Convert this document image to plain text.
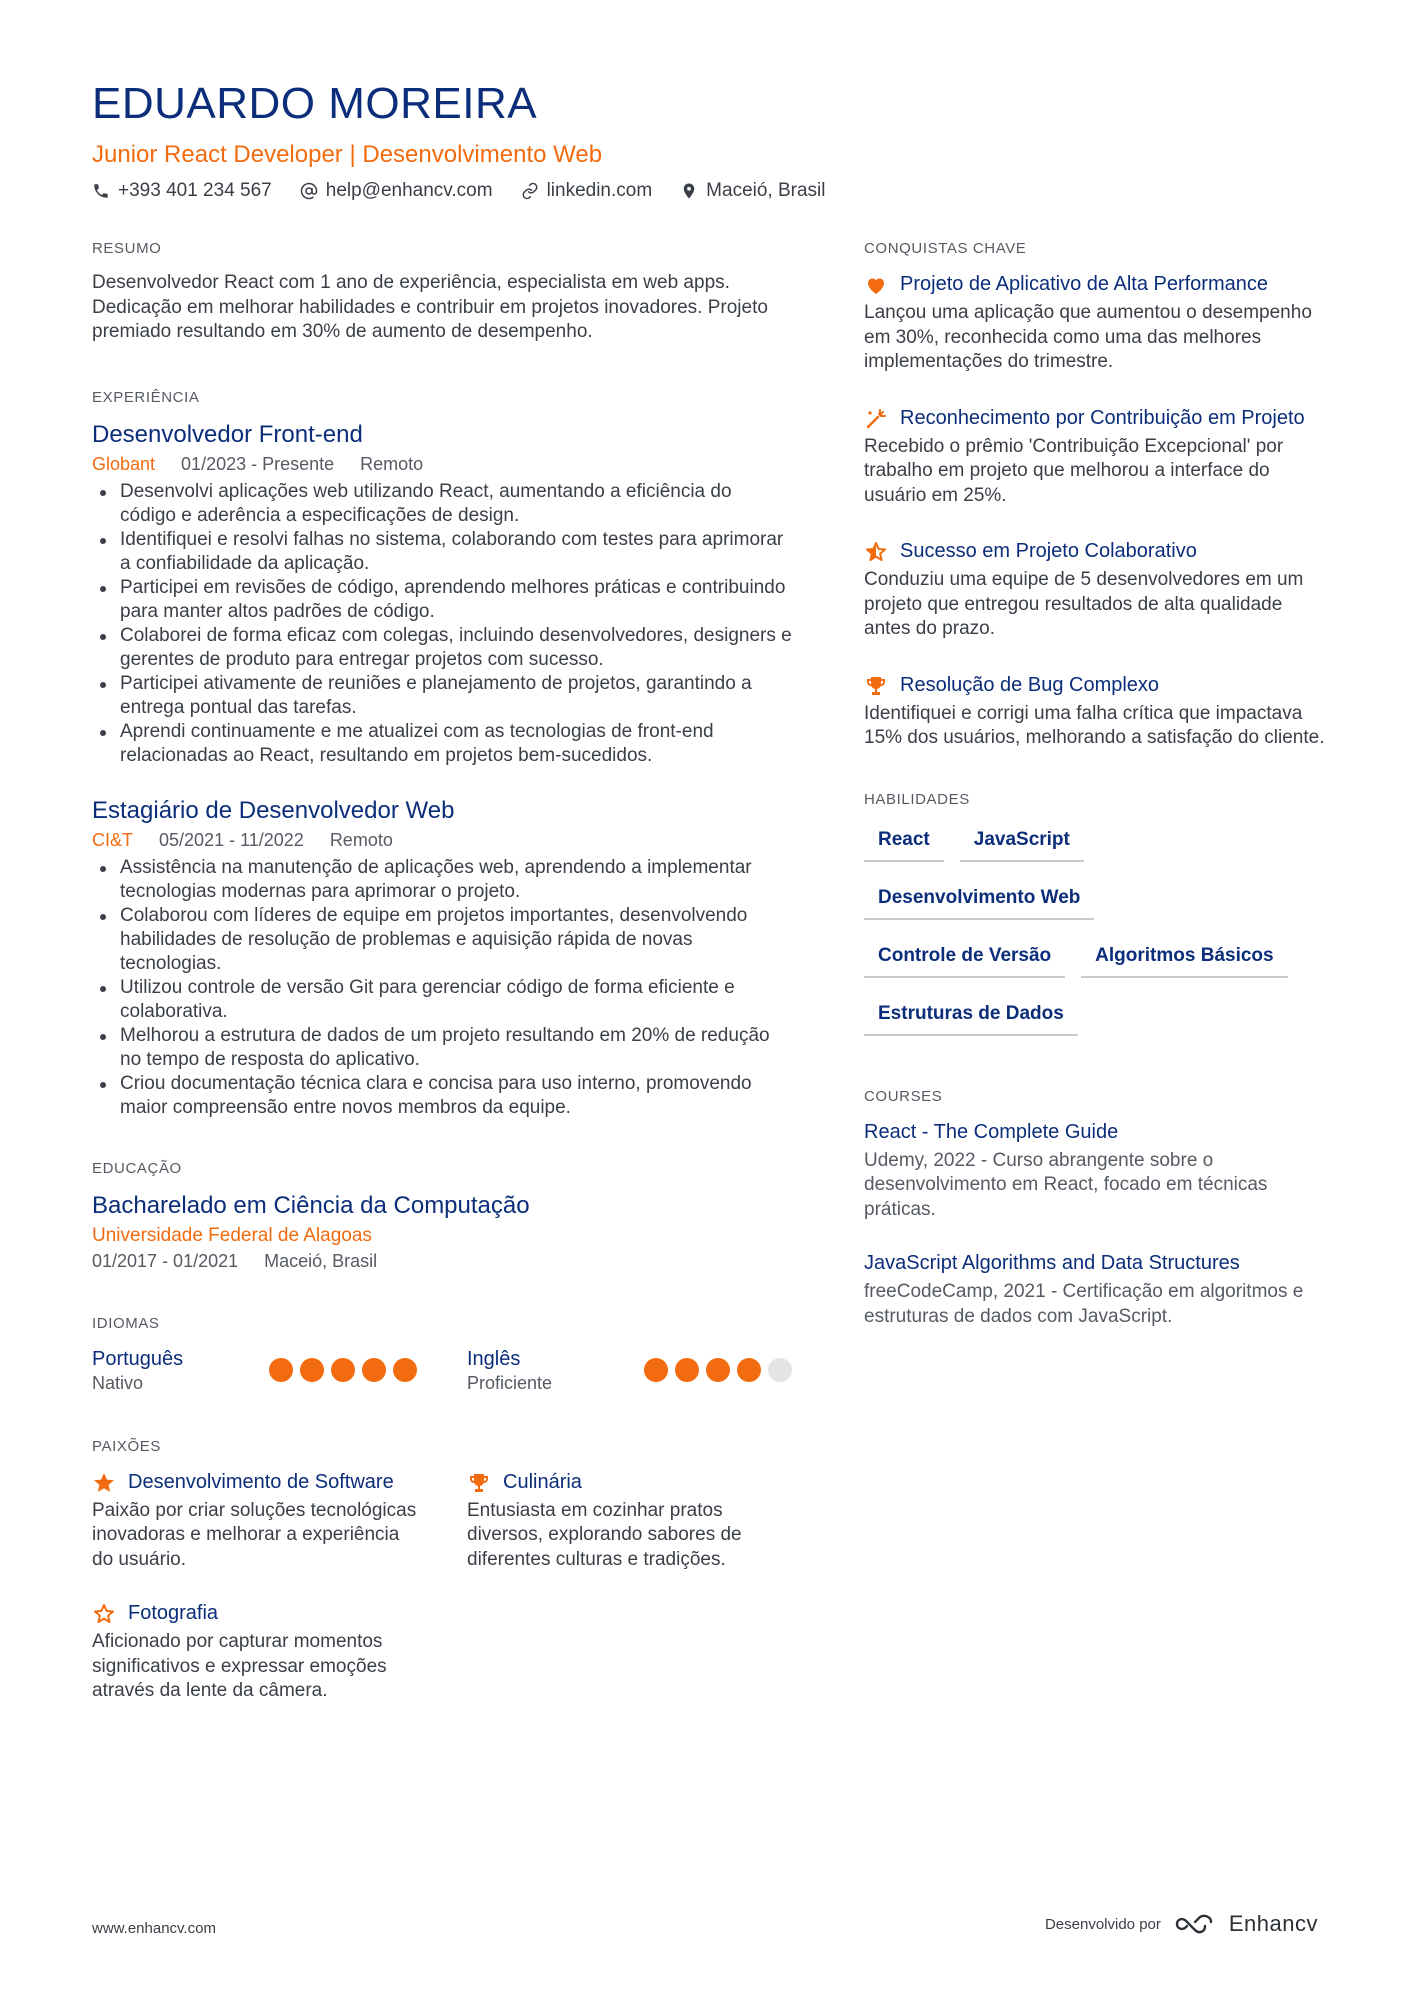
EDUARDO MOREIRA
Junior React Developer | Desenvolvimento Web
+393 401 234 567	help@enhancv.com	linkedin.com	Maceió, Brasil
RESUMO
Desenvolvedor React com 1 ano de experiência, especialista em web apps. Dedicação em melhorar habilidades e contribuir em projetos inovadores. Projeto premiado resultando em 30% de aumento de desempenho.
EXPERIÊNCIA
Desenvolvedor Front-end
Globant 01/2023 - Presente Remoto
Desenvolvi aplicações web utilizando React, aumentando a eficiência do código e aderência a especificações de design.
Identifiquei e resolvi falhas no sistema, colaborando com testes para aprimorar a confiabilidade da aplicação.
Participei em revisões de código, aprendendo melhores práticas e contribuindo para manter altos padrões de código.
Colaborei de forma eficaz com colegas, incluindo desenvolvedores, designers e gerentes de produto para entregar projetos com sucesso.
Participei ativamente de reuniões e planejamento de projetos, garantindo a entrega pontual das tarefas.
Aprendi continuamente e me atualizei com as tecnologias de front-end relacionadas ao React, resultando em projetos bem-sucedidos.
Estagiário de Desenvolvedor Web
CI&T 05/2021 - 11/2022 Remoto
Assistência na manutenção de aplicações web, aprendendo a implementar tecnologias modernas para aprimorar o projeto.
Colaborou com líderes de equipe em projetos importantes, desenvolvendo habilidades de resolução de problemas e aquisição rápida de novas tecnologias.
Utilizou controle de versão Git para gerenciar código de forma eficiente e colaborativa.
Melhorou a estrutura de dados de um projeto resultando em 20% de redução no tempo de resposta do aplicativo.
Criou documentação técnica clara e concisa para uso interno, promovendo maior compreensão entre novos membros da equipe.
EDUCAÇÃO
Bacharelado em Ciência da Computação
Universidade Federal de Alagoas
01/2017 - 01/2021 Maceió, Brasil
IDIOMAS
Português
Nativo
Inglês
Proficiente
PAIXÕES
Desenvolvimento de Software
Paixão por criar soluções tecnológicas inovadoras e melhorar a experiência do usuário.
Culinária
Entusiasta em cozinhar pratos diversos, explorando sabores de diferentes culturas e tradições.
Fotografia
Aficionado por capturar momentos significativos e expressar emoções através da lente da câmera.
CONQUISTAS CHAVE
Projeto de Aplicativo de Alta Performance
Lançou uma aplicação que aumentou o desempenho em 30%, reconhecida como uma das melhores implementações do trimestre.
Reconhecimento por Contribuição em Projeto
Recebido o prêmio 'Contribuição Excepcional' por trabalho em projeto que melhorou a interface do usuário em 25%.
Sucesso em Projeto Colaborativo
Conduziu uma equipe de 5 desenvolvedores em um projeto que entregou resultados de alta qualidade antes do prazo.
Resolução de Bug Complexo
Identifiquei e corrigi uma falha crítica que impactava 15% dos usuários, melhorando a satisfação do cliente.
HABILIDADES
React	JavaScript
Desenvolvimento Web
Controle de Versão	Algoritmos Básicos
Estruturas de Dados
COURSES
React - The Complete Guide
Udemy, 2022 - Curso abrangente sobre o desenvolvimento em React, focado em técnicas práticas.
JavaScript Algorithms and Data Structures
freeCodeCamp, 2021 - Certificação em algoritmos e estruturas de dados com JavaScript.
www.enhancv.com	Desenvolvido por	Enhancv
